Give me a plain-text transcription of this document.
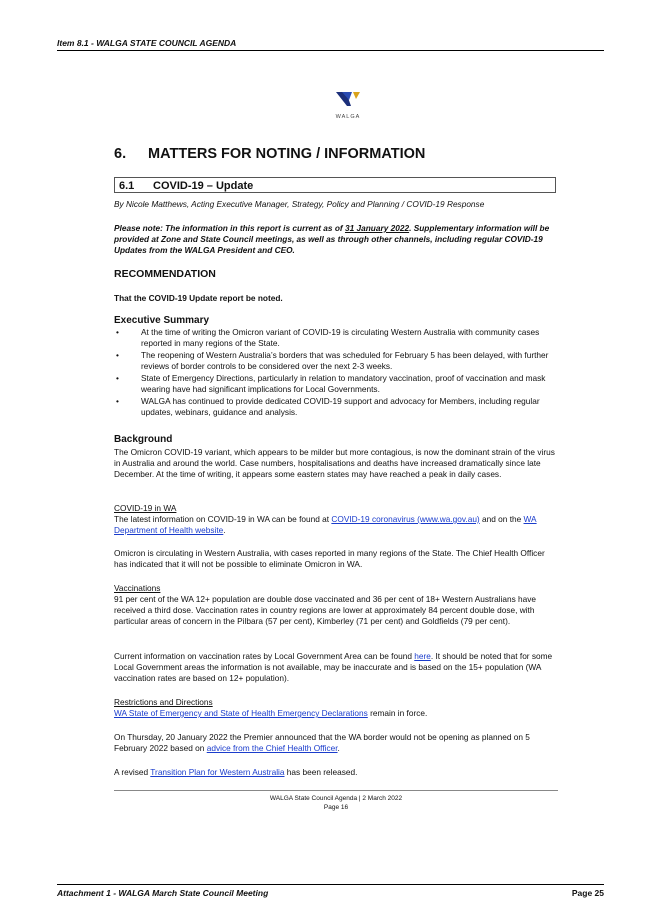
Item 8.1 - WALGA STATE COUNCIL AGENDA
WALGA
6. MATTERS FOR NOTING / INFORMATION
6.1 COVID-19 – Update
By Nicole Matthews, Acting Executive Manager, Strategy, Policy and Planning / COVID-19 Response
Please note: The information in this report is current as of 31 January 2022. Supplementary information will be provided at Zone and State Council meetings, as well as through other channels, including regular COVID-19 Updates from the WALGA President and CEO.
RECOMMENDATION
That the COVID-19 Update report be noted.
Executive Summary
• At the time of writing the Omicron variant of COVID-19 is circulating Western Australia with community cases reported in many regions of the State.
• The reopening of Western Australia’s borders that was scheduled for February 5 has been delayed, with further reviews of border controls to be considered over the next 2-3 weeks.
• State of Emergency Directions, particularly in relation to mandatory vaccination, proof of vaccination and mask wearing have had significant implications for Local Governments.
• WALGA has continued to provide dedicated COVID-19 support and advocacy for Members, including regular updates, webinars, guidance and analysis.
Background
The Omicron COVID-19 variant, which appears to be milder but more contagious, is now the dominant strain of the virus in Australia and around the world. Case numbers, hospitalisations and deaths have increased dramatically since late December. At the time of writing, it appears some eastern states may have reached a peak in daily cases.
COVID-19 in WA
The latest information on COVID-19 in WA can be found at COVID-19 coronavirus (www.wa.gov.au) and on the WA Department of Health website.
Omicron is circulating in Western Australia, with cases reported in many regions of the State. The Chief Health Officer has indicated that it will not be possible to eliminate Omicron in WA.
Vaccinations
91 per cent of the WA 12+ population are double dose vaccinated and 36 per cent of 18+ Western Australians have received a third dose. Vaccination rates in country regions are lower at approximately 84 percent double dose, with particular areas of concern in the Pilbara (57 per cent), Kimberley (71 per cent) and Goldfields (79 per cent).
Current information on vaccination rates by Local Government Area can be found here. It should be noted that for some Local Government areas the information is not available, may be inaccurate and is based on the 15+ population (WA vaccination rates are based on 12+ population).
Restrictions and Directions
WA State of Emergency and State of Health Emergency Declarations remain in force.
On Thursday, 20 January 2022 the Premier announced that the WA border would not be opening as planned on 5 February 2022 based on advice from the Chief Health Officer.
A revised Transition Plan for Western Australia has been released.
WALGA State Council Agenda | 2 March 2022
Page 16
Attachment 1 - WALGA March State Council Meeting	Page 25
